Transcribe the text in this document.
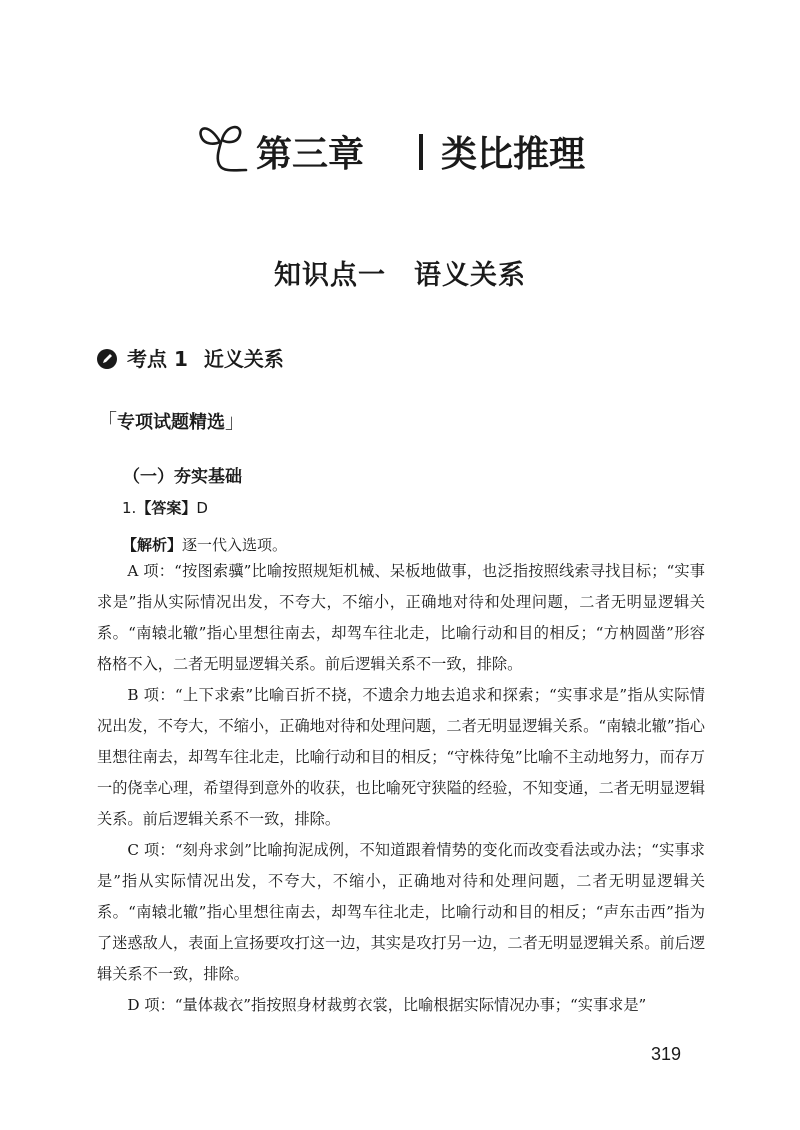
第三章 类比推理
知识点一 语义关系
考点 1 近义关系
「专项试题精选」
（一）夯实基础
1.【答案】D
【解析】逐一代入选项。

A 项：“按图索骥”比喻按照规矩机械、呆板地做事，也泛指按照线索寻找目标；“实事求是”指从实际情况出发，不夸大，不缩小，正确地对待和处理问题，二者无明显逻辑关系。“南辕北辙”指心里想往南去，却驾车往北走，比喻行动和目的相反；“方枘圆凿”形容格格不入，二者无明显逻辑关系。前后逻辑关系不一致，排除。

B 项：“上下求索”比喻百折不挠，不遗余力地去追求和探索；“实事求是”指从实际情况出发，不夸大，不缩小，正确地对待和处理问题，二者无明显逻辑关系。“南辕北辙”指心里想往南去，却驾车往北走，比喻行动和目的相反；“守株待兔”比喻不主动地努力，而存万一的侥幸心理，希望得到意外的收获，也比喻死守狭隘的经验，不知变通，二者无明显逻辑关系。前后逻辑关系不一致，排除。

C 项：“刻舟求剑”比喻拘泥成例，不知道跟着情势的变化而改变看法或办法；“实事求是”指从实际情况出发，不夸大，不缩小，正确地对待和处理问题，二者无明显逻辑关系。“南辕北辙”指心里想往南去，却驾车往北走，比喻行动和目的相反；“声东击西”指为了迷惑敌人，表面上宣扬要攻打这一边，其实是攻打另一边，二者无明显逻辑关系。前后逻辑关系不一致，排除。

D 项：“量体裁衣”指按照身材裁剪衣裳，比喻根据实际情况办事；“实事求是”

319
